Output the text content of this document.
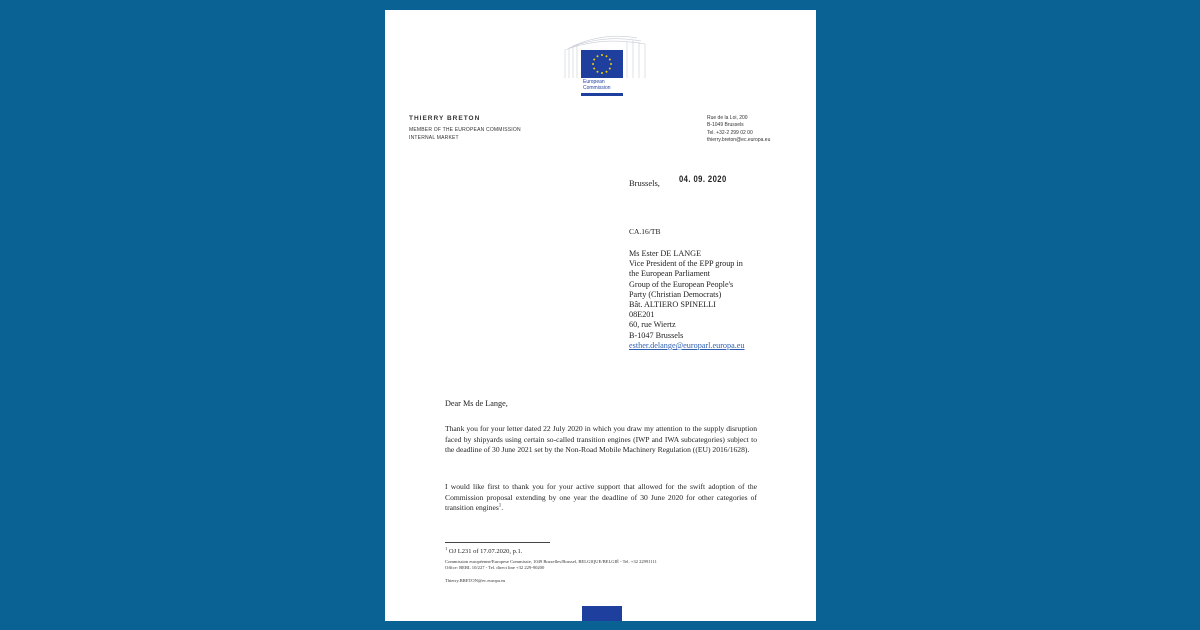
European
Commission
THIERRY BRETON
MEMBER OF THE EUROPEAN COMMISSION
INTERNAL MARKET
Rue de la Loi, 200
B-1049 Brussels
Tel. +32-2 299 02 00
thierry.breton@ec.europa.eu
Brussels, 04. 09. 2020
CA.16/TB
Ms Ester DE LANGE
Vice President of the EPP group in
the European Parliament
Group of the European People's
Party (Christian Democrats)
Bât. ALTIERO SPINELLI
08E201
60, rue Wiertz
B-1047 Brussels
esther.delange@europarl.europa.eu
Dear Ms de Lange,
Thank you for your letter dated 22 July 2020 in which you draw my attention to the supply disruption faced by shipyards using certain so-called transition engines (IWP and IWA subcategories) subject to the deadline of 30 June 2021 set by the Non-Road Mobile Machinery Regulation ((EU) 2016/1628).
I would like first to thank you for your active support that allowed for the swift adoption of the Commission proposal extending by one year the deadline of 30 June 2020 for other categories of transition engines$^1$.
$^1$ OJ L231 of 17.07.2020, p.1.
Commission européenne/Europese Commissie, 1049 Bruxelles/Brussel, BELGIQUE/BELGIË - Tel. +32 22991111
Office: BERL 10/227 - Tel. direct line +32 229-90200
Thierry.BRETON@ec.europa.eu
